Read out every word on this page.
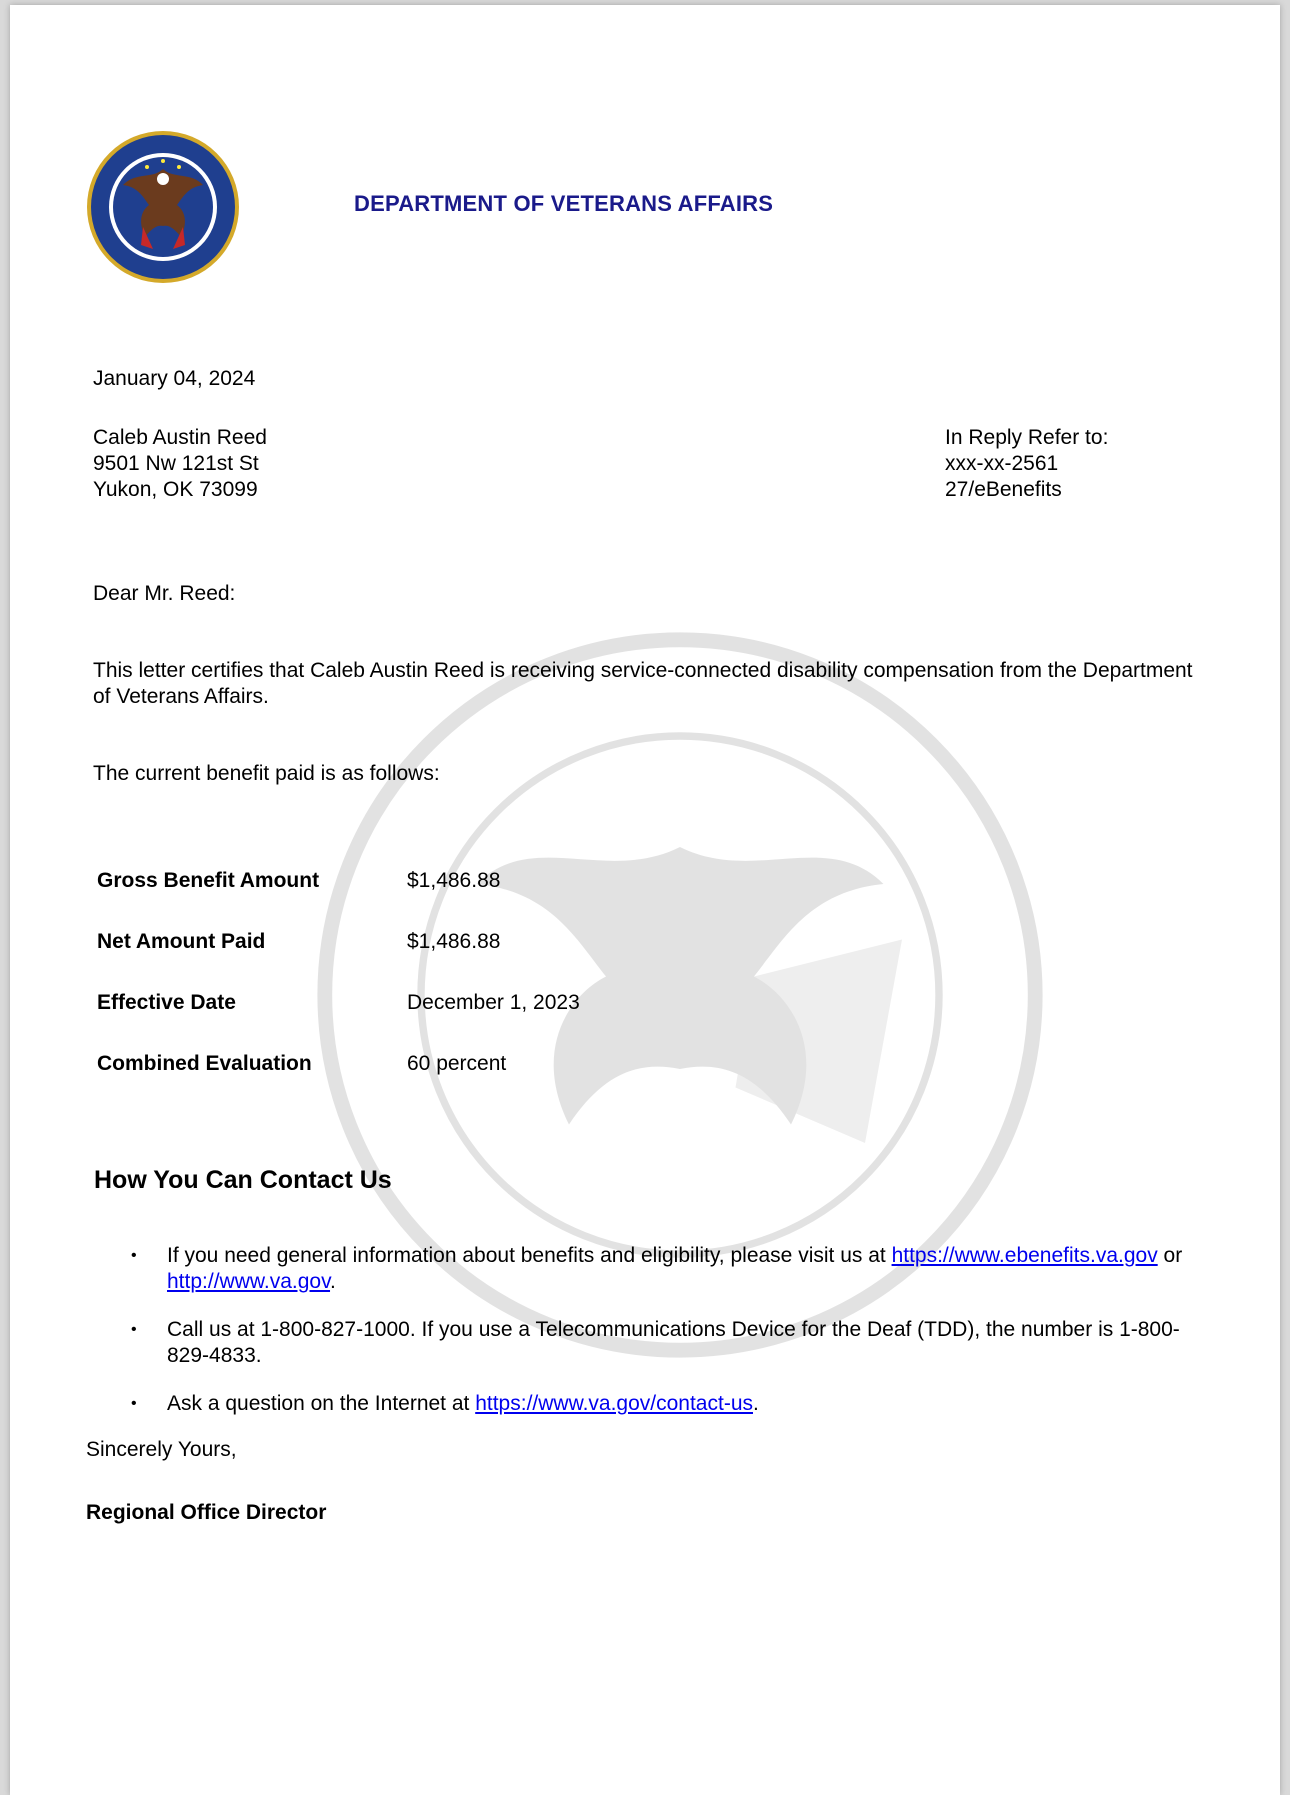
DEPARTMENT OF VETERANS AFFAIRS
January 04, 2024
Caleb Austin Reed
9501 Nw 121st St
Yukon, OK 73099
In Reply Refer to:
xxx-xx-2561
27/eBenefits
Dear Mr. Reed:
This letter certifies that Caleb Austin Reed is receiving service-connected disability compensation from the Department of Veterans Affairs.
The current benefit paid is as follows:
Gross Benefit Amount	$1,486.88
Net Amount Paid	$1,486.88
Effective Date	December 1, 2023
Combined Evaluation	60 percent
How You Can Contact Us
• If you need general information about benefits and eligibility, please visit us at https://www.ebenefits.va.gov or http://www.va.gov.
• Call us at 1-800-827-1000. If you use a Telecommunications Device for the Deaf (TDD), the number is 1-800-829-4833.
• Ask a question on the Internet at https://www.va.gov/contact-us.
Sincerely Yours,
Regional Office Director
